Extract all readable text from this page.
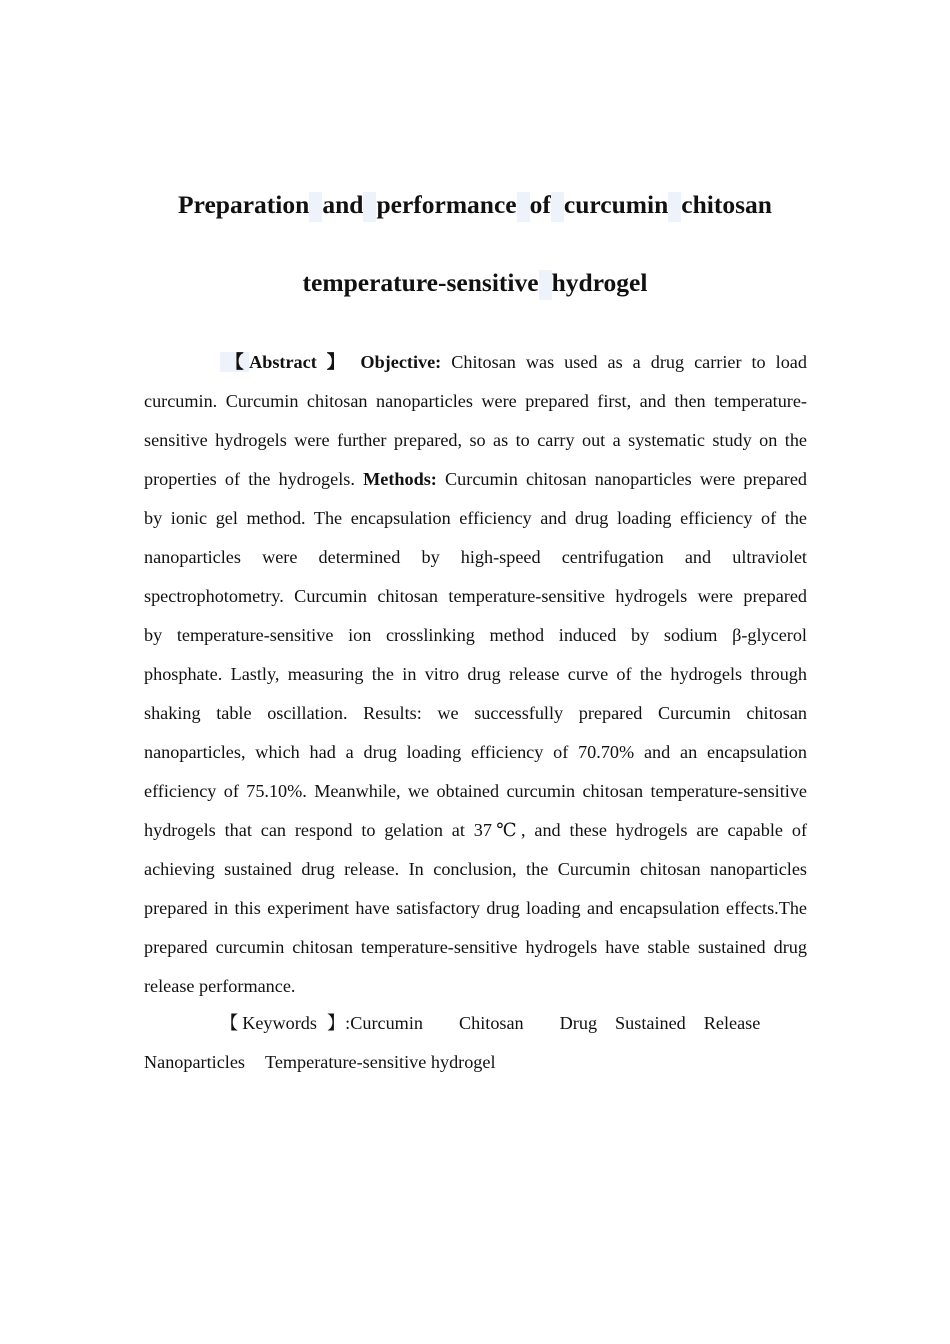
Preparation and performance of curcumin chitosan
temperature-sensitive hydrogel
【Abstract 】 Objective: Chitosan was used as a drug carrier to load
curcumin. Curcumin chitosan nanoparticles were prepared first, and then temperature-
sensitive hydrogels were further prepared, so as to carry out a systematic study on the
properties of the hydrogels. Methods: Curcumin chitosan nanoparticles were prepared
by ionic gel method. The encapsulation efficiency and drug loading efficiency of the
nanoparticles were determined by high-speed centrifugation and ultraviolet
spectrophotometry. Curcumin chitosan temperature-sensitive hydrogels were prepared
by temperature-sensitive ion crosslinking method induced by sodium β-glycerol
phosphate. Lastly, measuring the in vitro drug release curve of the hydrogels through
shaking table oscillation. Results: we successfully prepared Curcumin chitosan
nanoparticles, which had a drug loading efficiency of 70.70% and an encapsulation
efficiency of 75.10%. Meanwhile, we obtained curcumin chitosan temperature-sensitive
hydrogels that can respond to gelation at 37℃, and these hydrogels are capable of
achieving sustained drug release. In conclusion, the Curcumin chitosan nanoparticles
prepared in this experiment have satisfactory drug loading and encapsulation effects.The
prepared curcumin chitosan temperature-sensitive hydrogels have stable sustained drug
release performance.
【 Keywords 】:Curcumin Chitosan Drug Sustained Release
Nanoparticles Temperature-sensitive hydrogel
